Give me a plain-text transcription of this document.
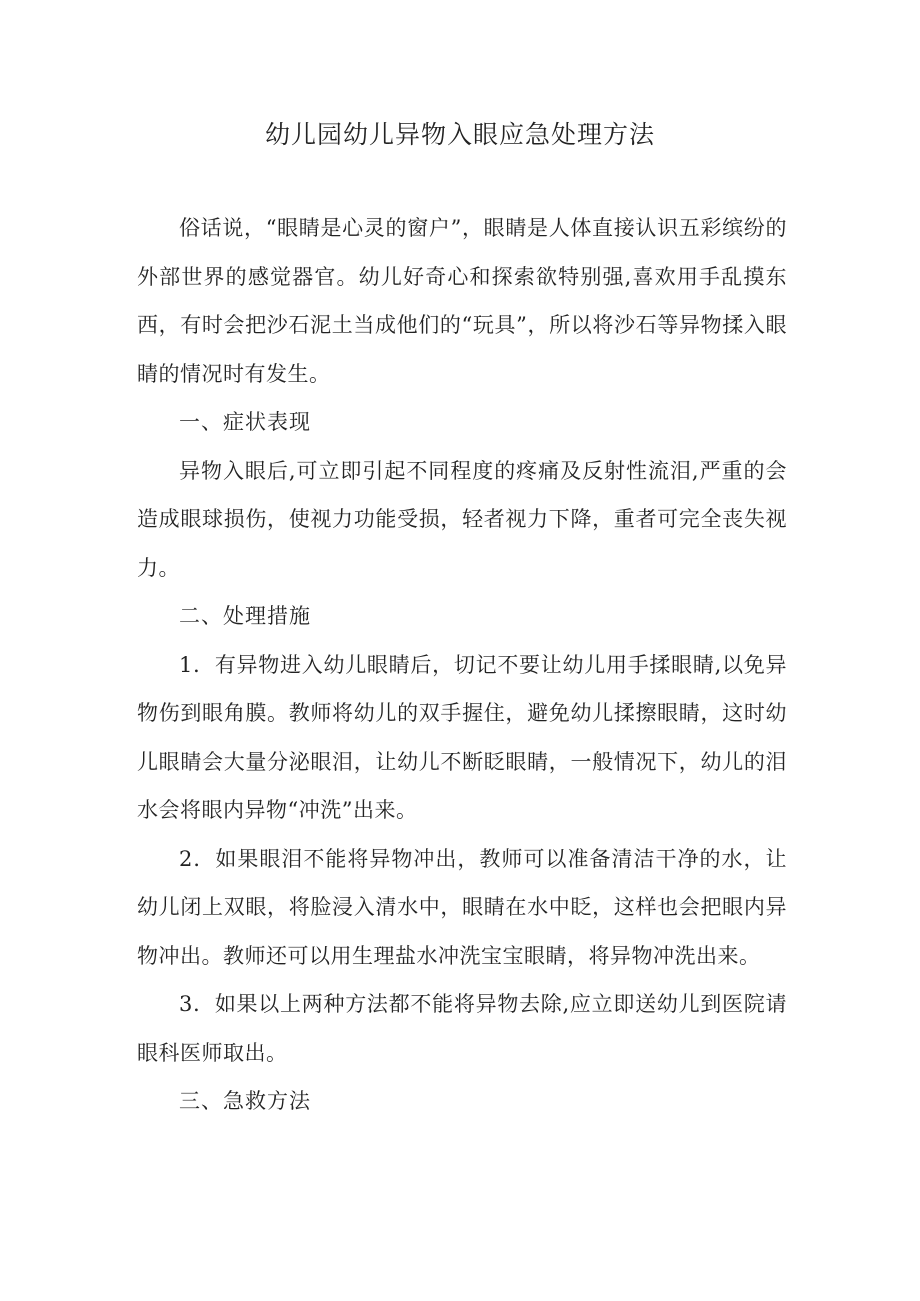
幼儿园幼儿异物入眼应急处理方法

俗话说，“眼睛是心灵的窗户”，眼睛是人体直接认识五彩缤纷的外部世界的感觉器官。幼儿好奇心和探索欲特别强,喜欢用手乱摸东西，有时会把沙石泥土当成他们的“玩具”，所以将沙石等异物揉入眼睛的情况时有发生。

一、症状表现

异物入眼后,可立即引起不同程度的疼痛及反射性流泪,严重的会造成眼球损伤，使视力功能受损，轻者视力下降，重者可完全丧失视力。

二、处理措施

1．有异物进入幼儿眼睛后，切记不要让幼儿用手揉眼睛,以免异物伤到眼角膜。教师将幼儿的双手握住，避免幼儿揉擦眼睛，这时幼儿眼睛会大量分泌眼泪，让幼儿不断眨眼睛，一般情况下，幼儿的泪水会将眼内异物“冲洗”出来。

2．如果眼泪不能将异物冲出，教师可以准备清洁干净的水，让幼儿闭上双眼，将脸浸入清水中，眼睛在水中眨，这样也会把眼内异物冲出。教师还可以用生理盐水冲洗宝宝眼睛，将异物冲洗出来。

3．如果以上两种方法都不能将异物去除,应立即送幼儿到医院请眼科医师取出。

三、急救方法
